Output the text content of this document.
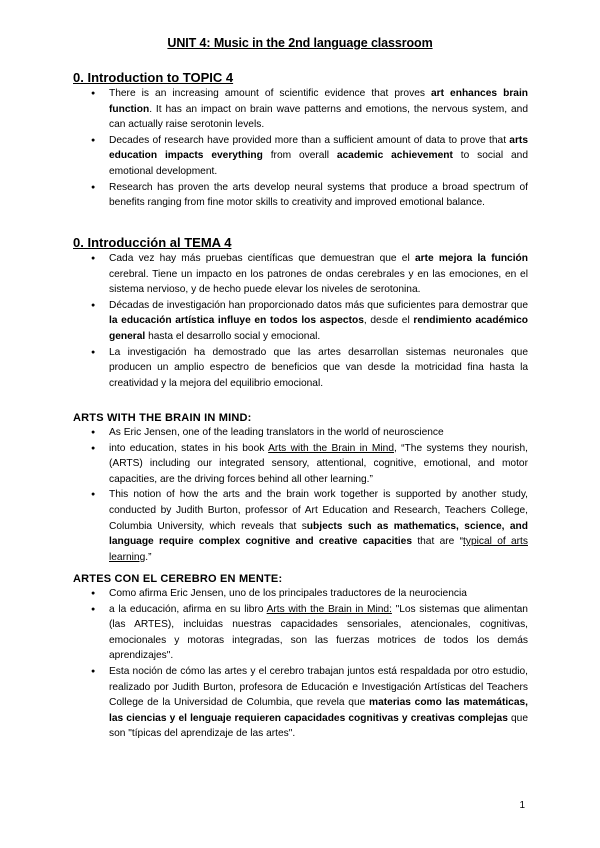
UNIT 4: Music in the 2nd language classroom
0. Introduction to TOPIC 4
● There is an increasing amount of scientific evidence that proves art enhances brain function. It has an impact on brain wave patterns and emotions, the nervous system, and can actually raise serotonin levels.
● Decades of research have provided more than a sufficient amount of data to prove that arts education impacts everything from overall academic achievement to social and emotional development.
● Research has proven the arts develop neural systems that produce a broad spectrum of benefits ranging from fine motor skills to creativity and improved emotional balance.
0. Introducción al TEMA 4
● Cada vez hay más pruebas científicas que demuestran que el arte mejora la función cerebral. Tiene un impacto en los patrones de ondas cerebrales y en las emociones, en el sistema nervioso, y de hecho puede elevar los niveles de serotonina.
● Décadas de investigación han proporcionado datos más que suficientes para demostrar que la educación artística influye en todos los aspectos, desde el rendimiento académico general hasta el desarrollo social y emocional.
● La investigación ha demostrado que las artes desarrollan sistemas neuronales que producen un amplio espectro de beneficios que van desde la motricidad fina hasta la creatividad y la mejora del equilibrio emocional.
ARTS WITH THE BRAIN IN MIND:
● As Eric Jensen, one of the leading translators in the world of neuroscience
● into education, states in his book Arts with the Brain in Mind, “The systems they nourish, (ARTS) including our integrated sensory, attentional, cognitive, emotional, and motor capacities, are the driving forces behind all other learning.”
● This notion of how the arts and the brain work together is supported by another study, conducted by Judith Burton, professor of Art Education and Research, Teachers College, Columbia University, which reveals that subjects such as mathematics, science, and language require complex cognitive and creative capacities that are “typical of arts learning.”
ARTES CON EL CEREBRO EN MENTE:
● Como afirma Eric Jensen, uno de los principales traductores de la neurociencia
● a la educación, afirma en su libro Arts with the Brain in Mind: "Los sistemas que alimentan (las ARTES), incluidas nuestras capacidades sensoriales, atencionales, cognitivas, emocionales y motoras integradas, son las fuerzas motrices de todos los demás aprendizajes".
● Esta noción de cómo las artes y el cerebro trabajan juntos está respaldada por otro estudio, realizado por Judith Burton, profesora de Educación e Investigación Artísticas del Teachers College de la Universidad de Columbia, que revela que materias como las matemáticas, las ciencias y el lenguaje requieren capacidades cognitivas y creativas complejas que son "típicas del aprendizaje de las artes".
1
